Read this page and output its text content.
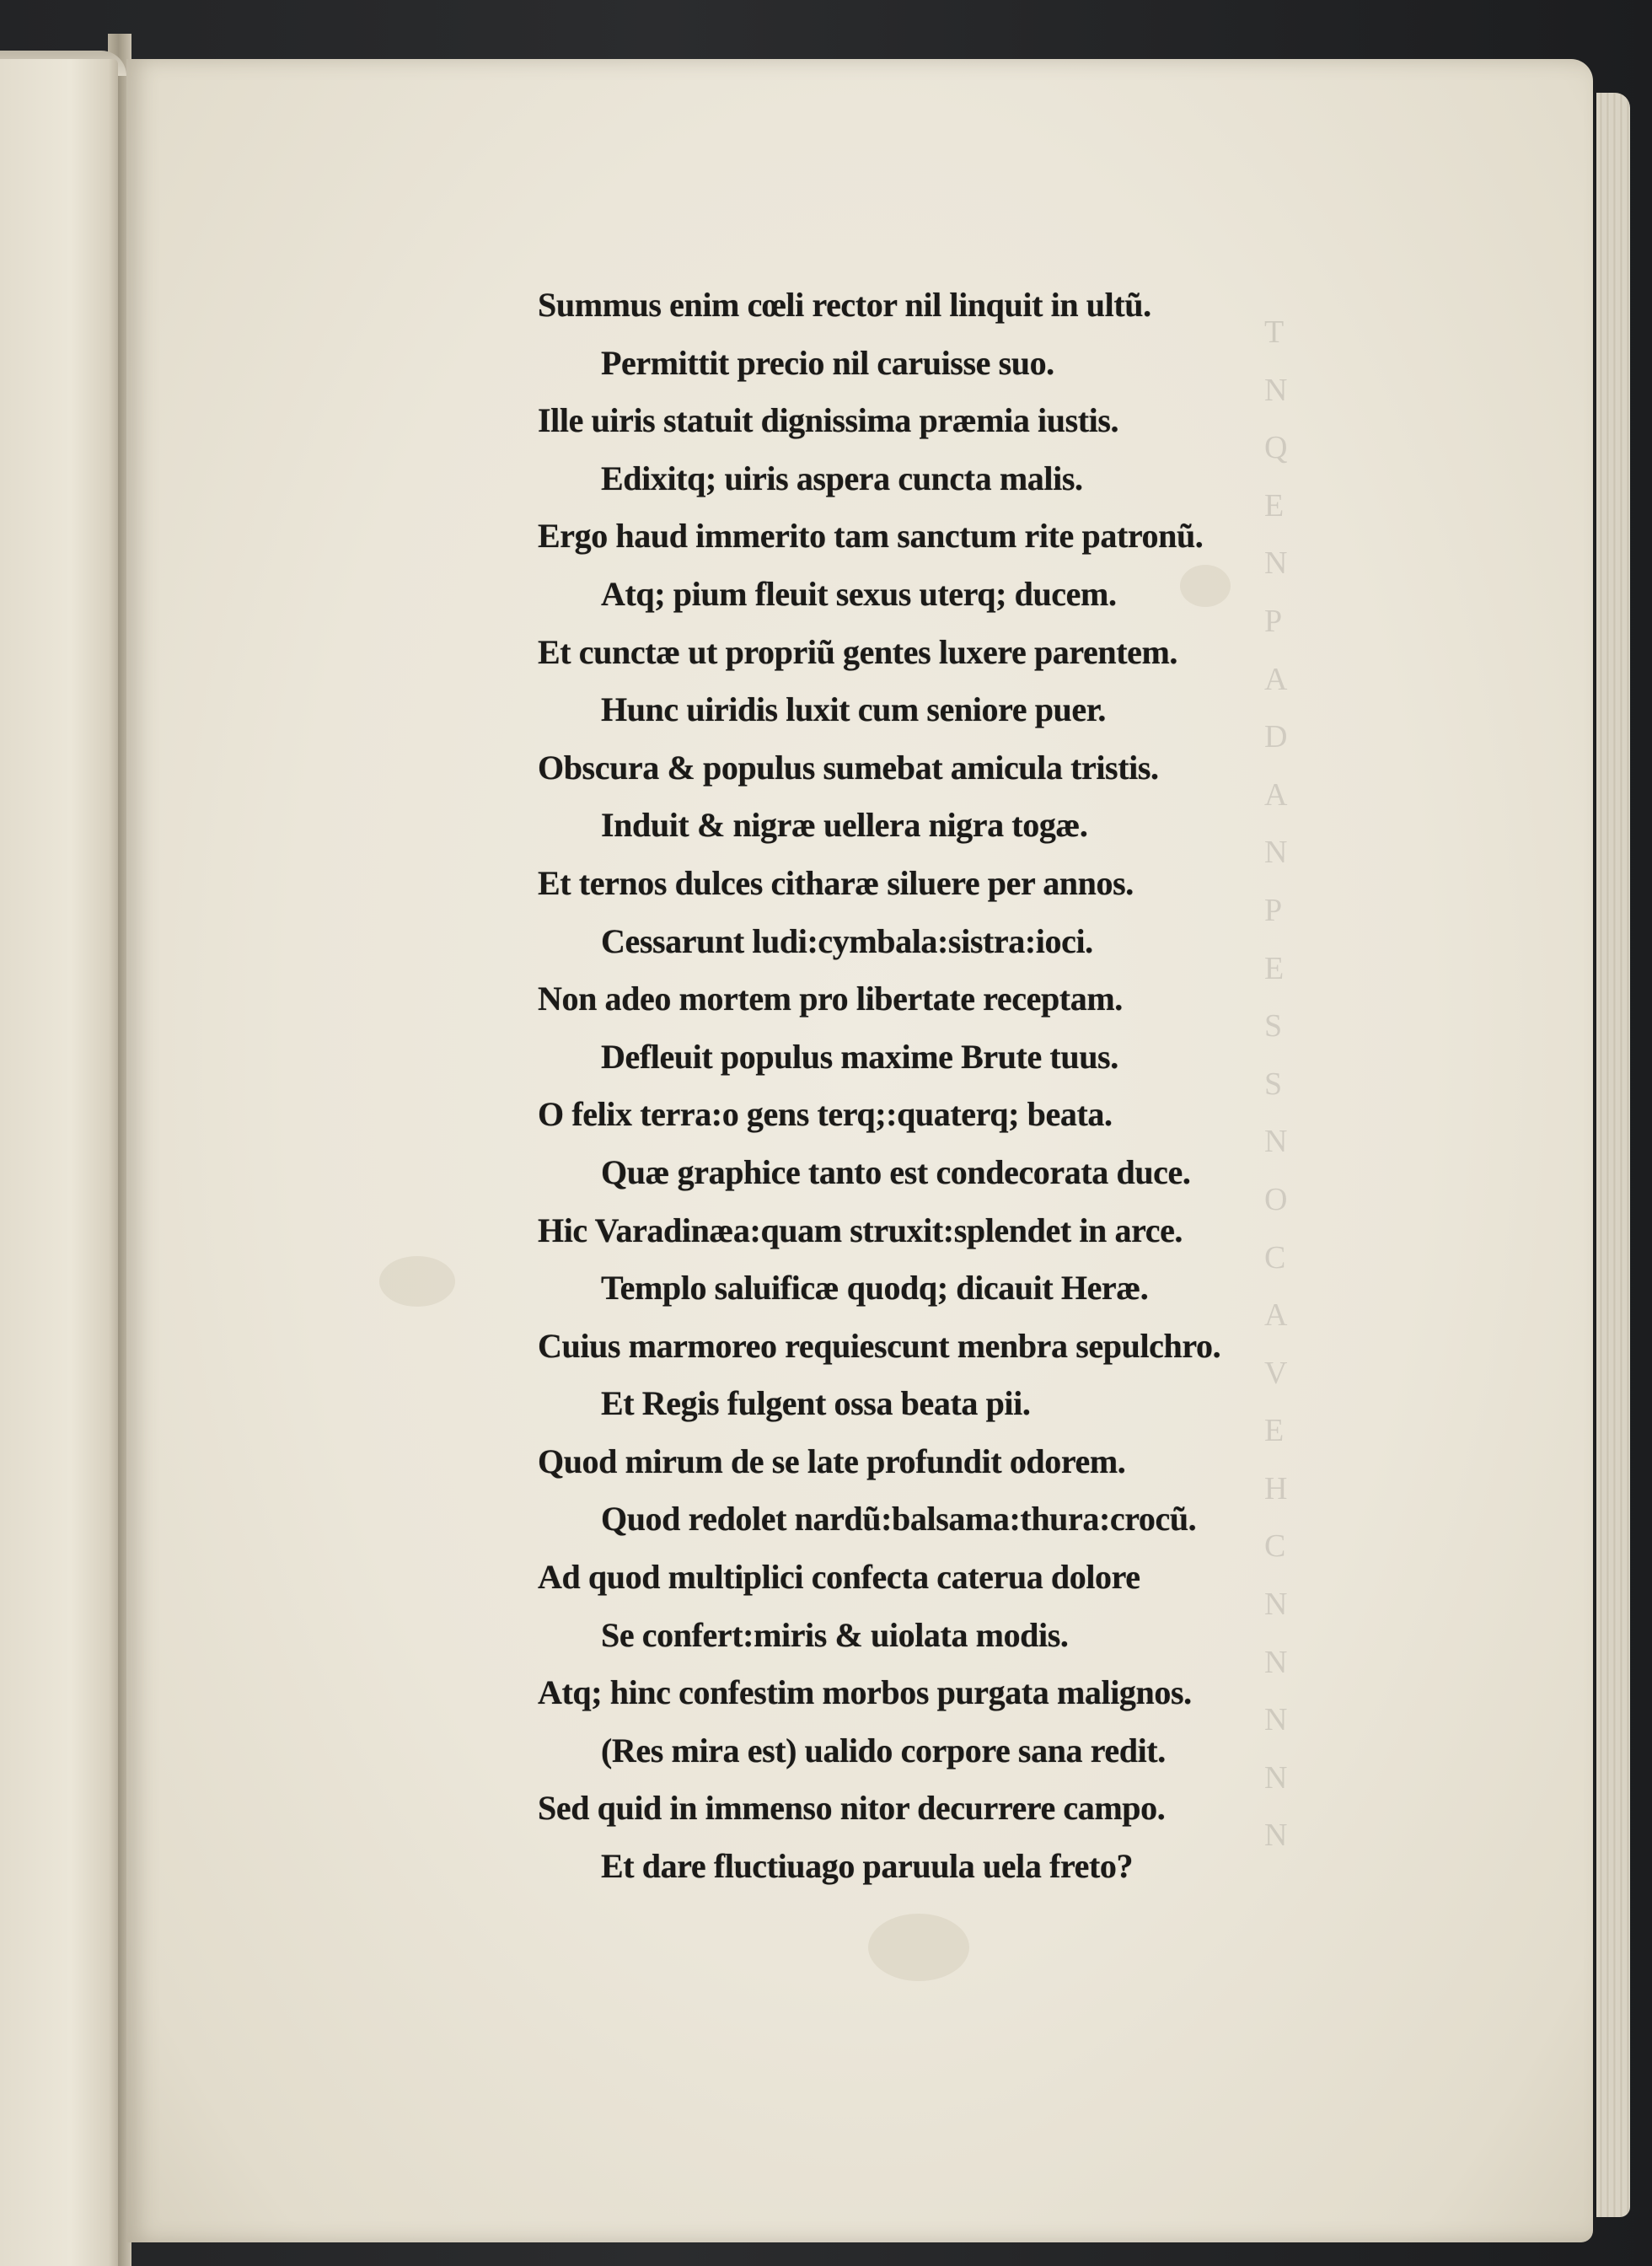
T
N
Q
E
N
P
A
D
A
N
P
E
S
S
N
O
C
A
V
E
H
C
N
N
N
N
N
Summus enim cœli rector nil linquit in ultũ.
Permittit precio nil caruisse suo.
Ille uiris statuit dignissima præmia iustis.
Edixitq; uiris aspera cuncta malis.
Ergo haud immerito tam sanctum rite patronũ.
Atq; pium fleuit sexus uterq; ducem.
Et cunctæ ut propriũ gentes luxere parentem.
Hunc uiridis luxit cum seniore puer.
Obscura & populus sumebat amicula tristis.
Induit & nigræ uellera nigra togæ.
Et ternos dulces citharæ siluere per annos.
Cessarunt ludi:cymbala:sistra:ioci.
Non adeo mortem pro libertate receptam.
Defleuit populus maxime Brute tuus.
O felix terra:o gens terq;:quaterq; beata.
Quæ graphice tanto est condecorata duce.
Hic Varadinæa:quam struxit:splendet in arce.
Templo saluificæ quodq; dicauit Heræ.
Cuius marmoreo requiescunt menbra sepulchro.
Et Regis fulgent ossa beata pii.
Quod mirum de se late profundit odorem.
Quod redolet nardũ:balsama:thura:crocũ.
Ad quod multiplici confecta caterua dolore
Se confert:miris & uiolata modis.
Atq; hinc confestim morbos purgata malignos.
(Res mira est) ualido corpore sana redit.
Sed quid in immenso nitor decurrere campo.
Et dare fluctiuago paruula uela freto?
